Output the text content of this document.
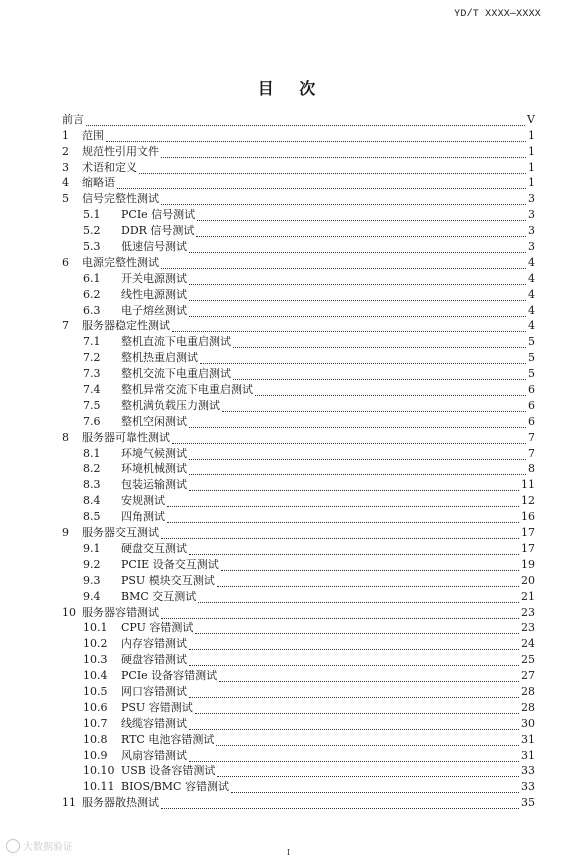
YD/T XXXX—XXXX
目 次
前言	V
1	范围	1
2	规范性引用文件	1
3	术语和定义	1
4	缩略语	1
5	信号完整性测试	3
5.1	PCIe 信号测试	3
5.2	DDR 信号测试	3
5.3	低速信号测试	3
6	电源完整性测试	4
6.1	开关电源测试	4
6.2	线性电源测试	4
6.3	电子熔丝测试	4
7	服务器稳定性测试	4
7.1	整机直流下电重启测试	5
7.2	整机热重启测试	5
7.3	整机交流下电重启测试	5
7.4	整机异常交流下电重启测试	6
7.5	整机满负载压力测试	6
7.6	整机空闲测试	6
8	服务器可靠性测试	7
8.1	环境气候测试	7
8.2	环境机械测试	8
8.3	包装运输测试	11
8.4	安规测试	12
8.5	四角测试	16
9	服务器交互测试	17
9.1	硬盘交互测试	17
9.2	PCIE 设备交互测试	19
9.3	PSU 模块交互测试	20
9.4	BMC 交互测试	21
10 服务器容错测试	23
10.1	CPU 容错测试	23
10.2	内存容错测试	24
10.3	硬盘容错测试	25
10.4	PCIe 设备容错测试	27
10.5	网口容错测试	28
10.6	PSU 容错测试	28
10.7	线缆容错测试	30
10.8	RTC 电池容错测试	31
10.9	风扇容错测试	31
10.10 USB 设备容错测试	33
10.11 BIOS/BMC 容错测试	33
11 服务器散热测试	35
I
大数据验证
